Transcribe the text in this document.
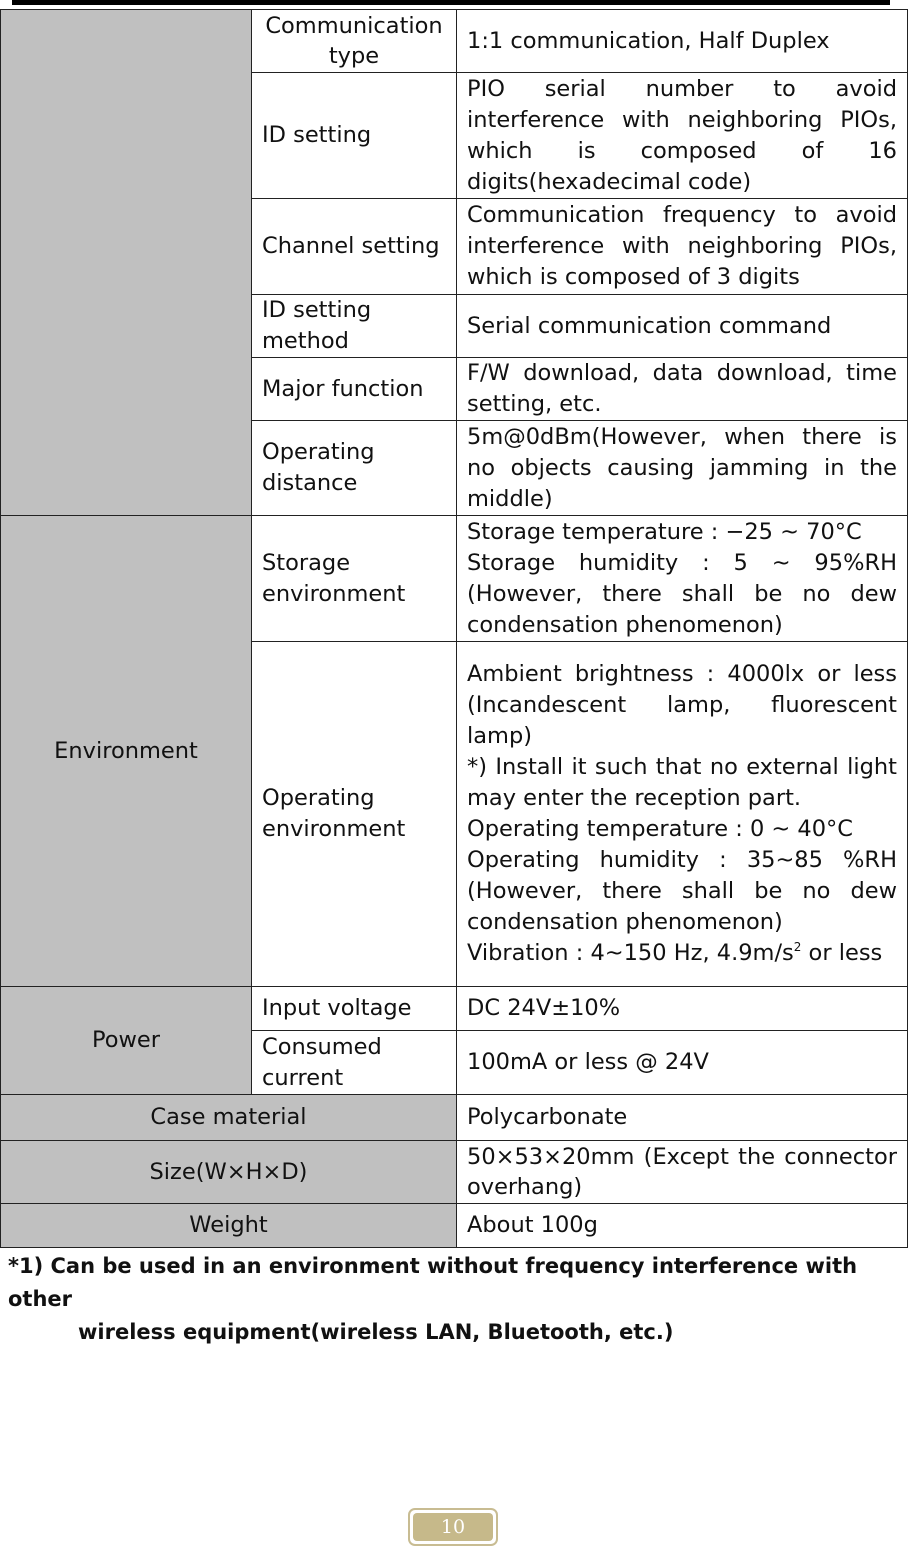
	Communication type	1:1 communication, Half Duplex
	ID setting	PIO serial number to avoid interference with neighboring PIOs, which is composed of 16 digits(hexadecimal code)
	Channel setting	Communication frequency to avoid interference with neighboring PIOs, which is composed of 3 digits
	ID setting method	Serial communication command
	Major function	F/W download, data download, time setting, etc.
	Operating distance	5m@0dBm(However, when there is no objects causing jamming in the middle)
Environment	Storage environment	Storage temperature : −25 ~ 70°C
Storage humidity : 5 ~ 95%RH (However, there shall be no dew condensation phenomenon)

	Operating environment	Ambient brightness : 4000lx or less (Incandescent lamp, fluorescent lamp)
*) Install it such that no external light may enter the reception part.
Operating temperature : 0 ~ 40°C
Operating humidity : 35~85 %RH (However, there shall be no dew condensation phenomenon)
Vibration : 4~150 Hz, $4.9m/s^2$ or less

Power	Input voltage	DC 24V±10%
	Consumed current	100mA or less @ 24V
Case material		Polycarbonate
Size(W×H×D)		50×53×20mm (Except the connector overhang)
Weight		About 100g
*1) Can be used in an environment without frequency interference with other
wireless equipment(wireless LAN, Bluetooth, etc.)
10
